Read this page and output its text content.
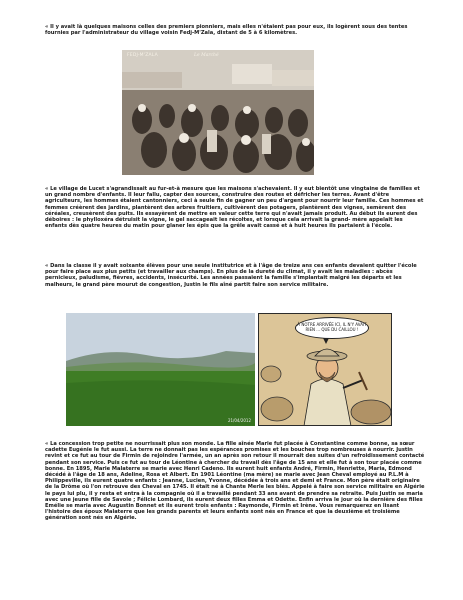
« Il y avait là quelques maisons celles des premiers pionniers, mais elles n'étaient pas pour eux, ils logèrent sous des tentes fournies par l'administrateur du village voisin Fedj-M'Zala, distant de 5 à 6 kilomètres.

FEDJ-M'ZALA	Le Marché

« Le village de Lucet s'agrandissait au fur-et-à mesure que les maisons s'achevaient. Il y eut bientôt une vingtaine de familles et un grand nombre d'enfants. Il leur fallu, capter des sources, construire des routes et défricher les terres. Avant d'être agriculteurs, les hommes étaient cantonniers, ceci à seule fin de gagner un peu d'argent pour nourrir leur famille. Ces hommes et femmes créèrent des jardins, plantèrent des arbres fruitiers, cultivèrent des potagers, plantèrent des vignes, semèrent des céréales, creusèrent des puits. Ils essayèrent de mettre en valeur cette terre qui n'avait jamais produit. Au début ils eurent des déboires : le phylloxéra détruisit la vigne, le gel saccageait les récoltes, et lorsque cela arrivait la grand- mère appelait les enfants dès quatre heures du matin pour glaner les épis que la grêle avait cassé et à huit heures ils partaient à l'école.

« Dans la classe il y avait soixante élèves pour une seule institutrice et à l'âge de treize ans ces enfants devaient quitter l'école pour faire place aux plus petits (et travailler aux champs). En plus de la dureté du climat, il y avait les maladies : abcès pernicieux, paludisme, fièvres, accidents, insécurité. Les années passaient la famille s'implantait malgré les départs et les malheurs, le grand père mourut de congestion, Justin le fils aîné partit faire son service militaire.

21/04/2012
À NOTRE ARRIVÉE ICI, IL N'Y AVAIT
RIEN ... QUE DU CAILLOU !

« La concession trop petite ne nourrissait plus son monde. La fille aînée Marie fut placée à Constantine comme bonne, sa sœur cadette Eugénie le fut aussi. La terre ne donnait pas les espérances promises et les bouches trop nombreuses à nourrir. Justin revint et ce fut au tour de Firmin de rejoindre l'armée, un an après son retour il mourrait des suites d'un refroidissement contacté pendant son service. Puis ce fut au tour de Léontine à chercher du travail dès l'âge de 15 ans et elle fut à son tour placée comme bonne. En 1895, Marie Malaterre se marie avec Henri Cadeno. Ils eurent huit enfants André, Firmin, Henriette, Maria, Edmond décédé à l'âge de 18 ans, Adeline, Rosa et Albert. En 1901 Léontine (ma mère) se marie avec Jean Cheval employé au P.L.M à Philippeville, ils eurent quatre enfants : Jeanne, Lucien, Yvonne, décédée à trois ans et demi et France. Mon père était originaire de la Drôme où l'on retrouve des Cheval en 1745. Il était né à Chante Merle les blés. Appelé à faire son service militaire en Algérie le pays lui plu, il y resta et entra à la compagnie où il a travaillé pendant 33 ans avant de prendre sa retraite. Puis Justin se maria avec une jeune fille de Savoie ; Félicie Lombard, ils eurent deux filles Emma et Odette. Enfin arriva le jour où la dernière des filles Emélie se maria avec Augustin Bonnet et ils eurent trois enfants : Raymonde, Firmin et Irène. Vous remarquerez en lisant l'histoire des époux Malaterre que les grands parents et leurs enfants sont nés en France et que la deuxième et troisième génération sont nés en Algérie.
